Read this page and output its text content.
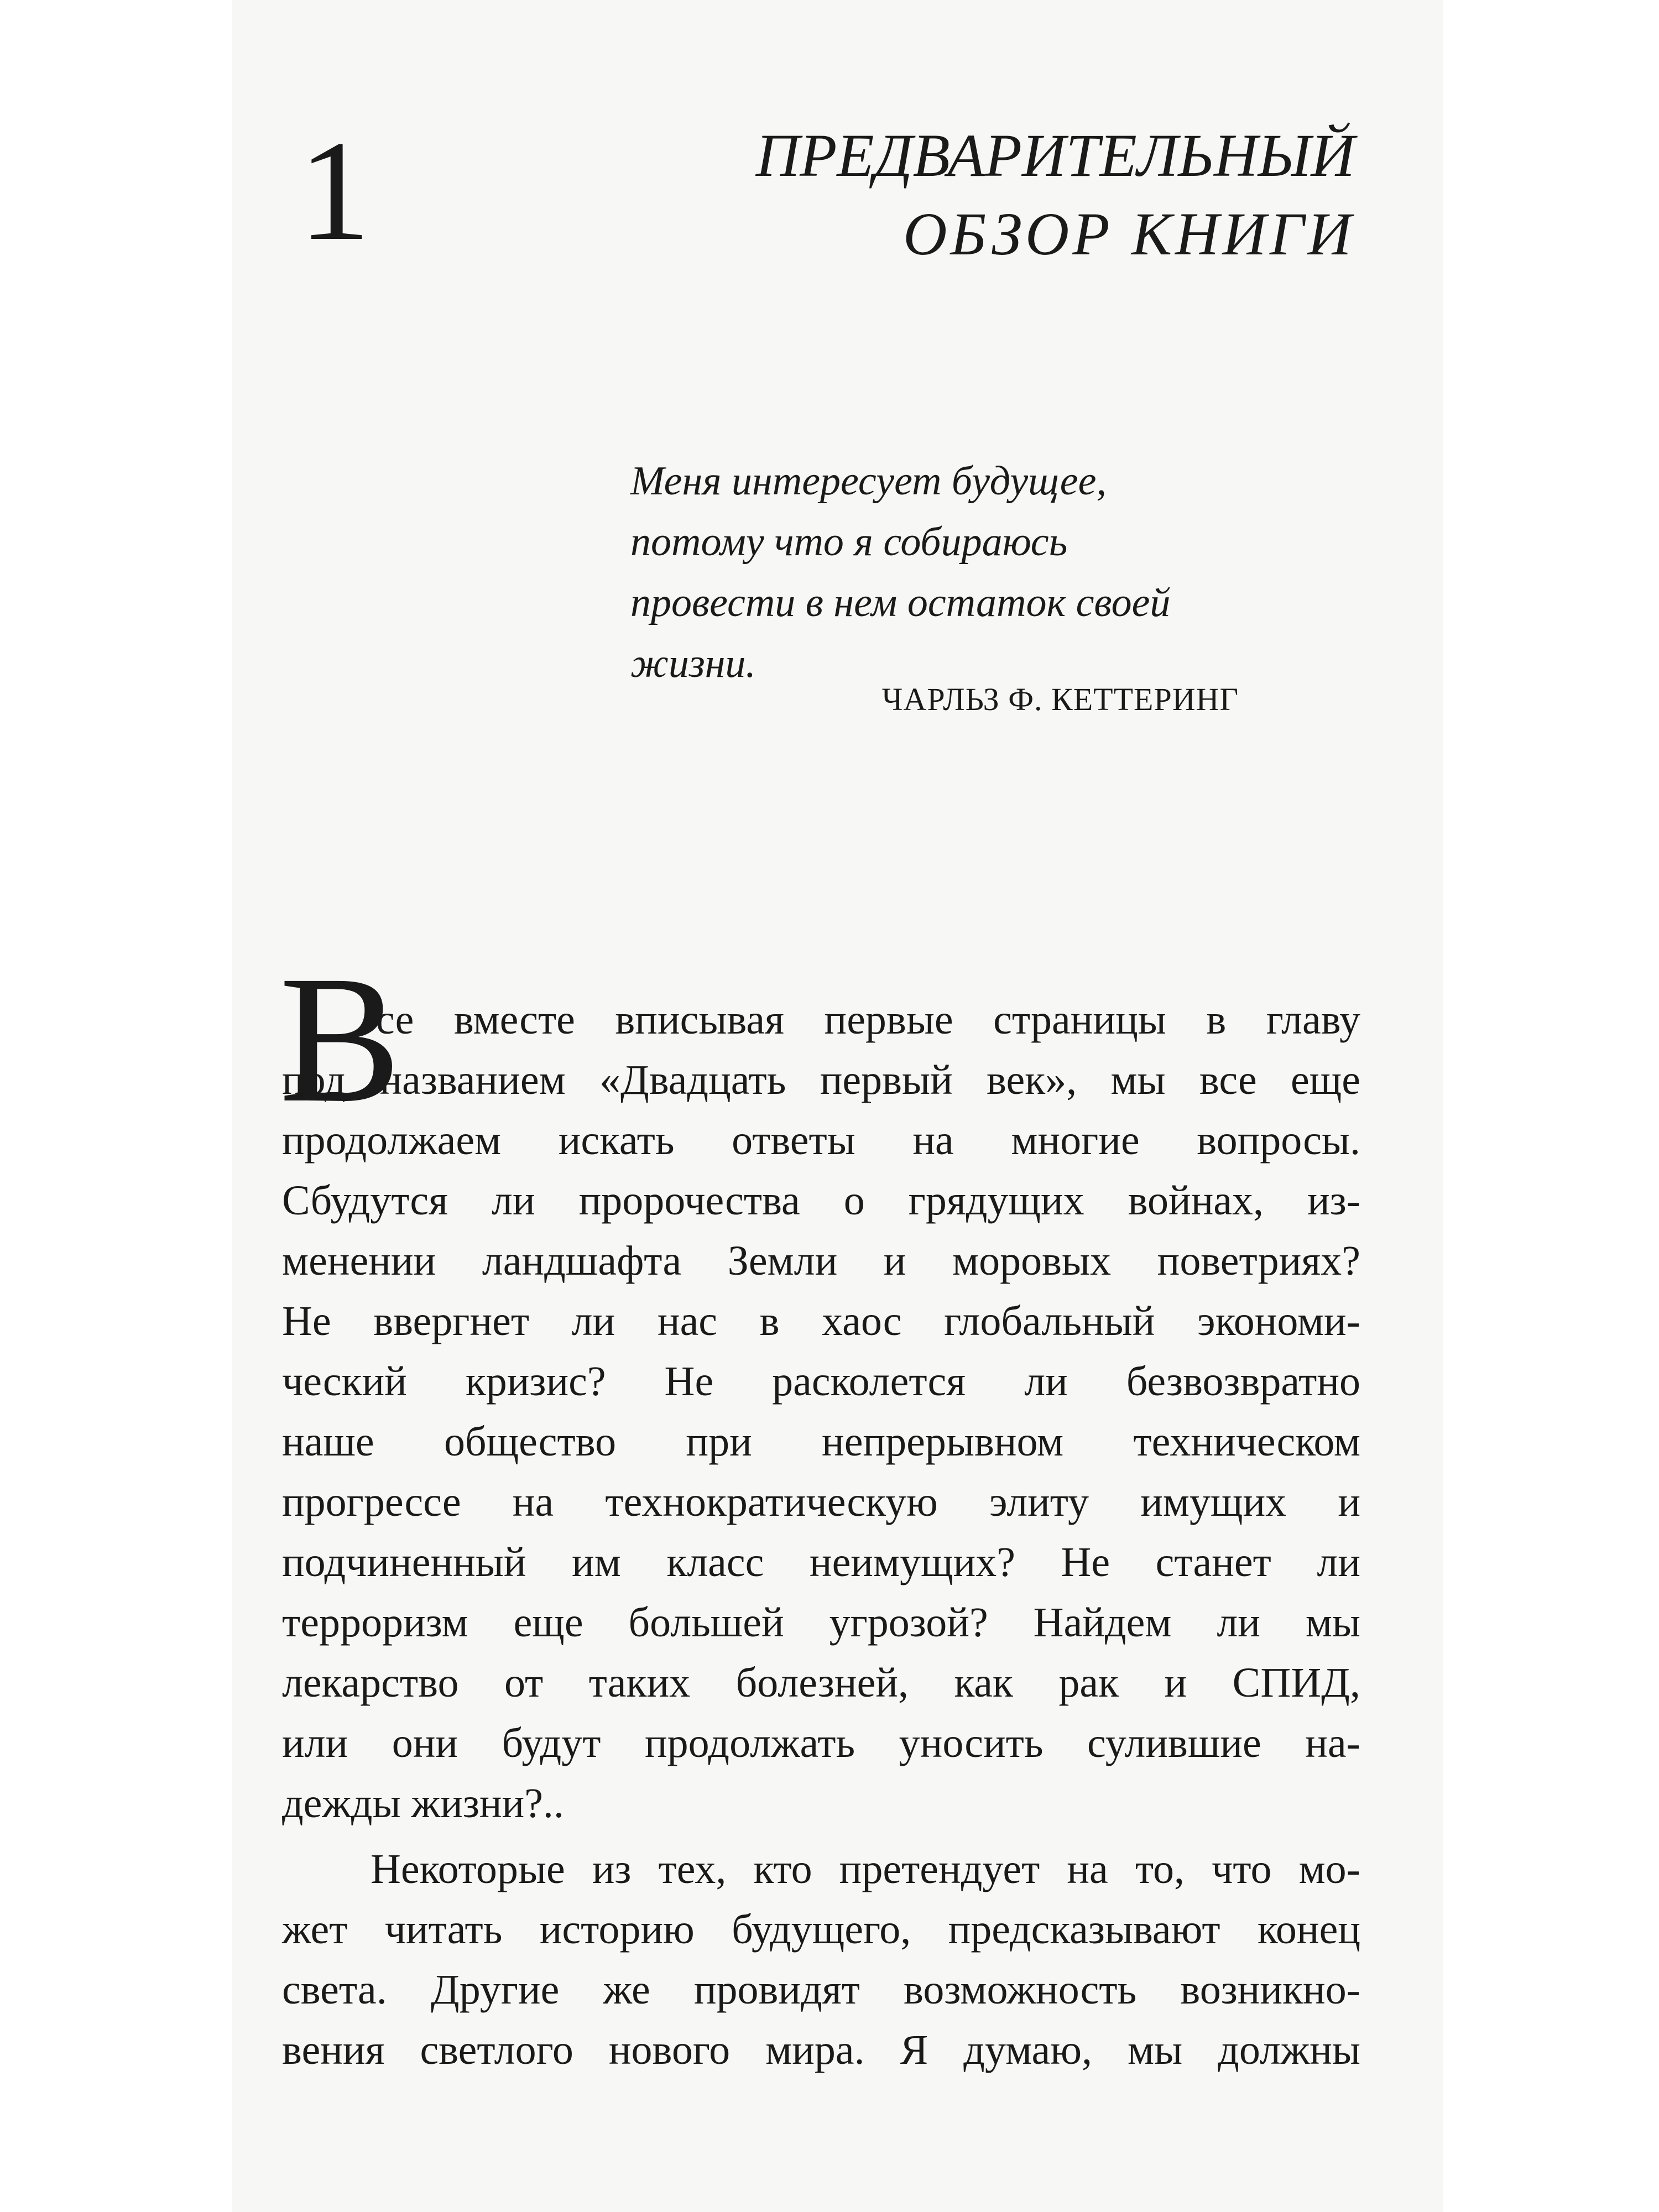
1	ПРЕДВАРИТЕЛЬНЫЙ
ОБЗОР КНИГИ
Меня интересует будущее,
потому что я собираюсь
провести в нем остаток своей
жизни.
ЧАРЛЬЗ Ф. КЕТТЕРИНГ
В
се вместе вписывая первые страницы в главу
под названием «Двадцать первый век», мы все еще
продолжаем искать ответы на многие вопросы.
Сбудутся ли пророчества о грядущих войнах, из-
менении ландшафта Земли и моровых поветриях?
Не ввергнет ли нас в хаос глобальный экономи-
ческий кризис? Не расколется ли безвозвратно
наше общество при непрерывном техническом
прогрессе на технократическую элиту имущих и
подчиненный им класс неимущих? Не станет ли
терроризм еще большей угрозой? Найдем ли мы
лекарство от таких болезней, как рак и СПИД,
или они будут продолжать уносить сулившие на-
дежды жизни?..
Некоторые из тех, кто претендует на то, что мо-
жет читать историю будущего, предсказывают конец
света. Другие же провидят возможность возникно-
вения светлого нового мира. Я думаю, мы должны
